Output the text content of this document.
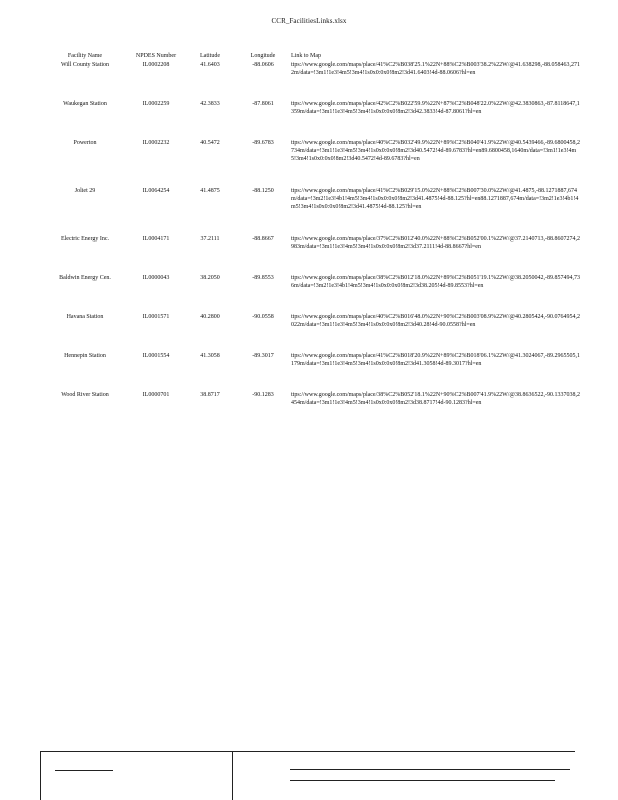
CCR_FacilitiesLinks.xlsx
Facility Name	NPDES Number	Latitude	Longitude	Link to Map
Will County Station	IL0002208	41.6403	-88.0606	ttps://www.google.com/maps/place/41%C2%B038'25.1%22N+88%C2%B003'38.2%22W/@41.638298,-88.058463,2712m/data=!3m1!1e3!4m5!3m4!1s0x0:0x0!8m2!3d41.6403!4d-88.0606?hl=en
Waukegan Station	IL0002259	42.3833	-87.8061	ttps://www.google.com/maps/place/42%C2%B022'59.9%22N+87%C2%B048'22.0%22W/@42.3830863,-87.8118647,1359m/data=!3m1!1e3!4m5!3m4!1s0x0:0x0!8m2!3d42.3833!4d-87.8061?hl=en
Powerton	IL0002232	40.5472	-89.6783	ttps://www.google.com/maps/place/40%C2%B032'49.9%22N+89%C2%B040'41.9%22W/@40.5439466,-89.6800458,2734m/data=!3m1!1e3!4m5!3m4!1s0x0:0x0!8m2!3d40.5472!4d-89.6783?hl=en89.6800458,1640m/data=!3m1!1e3!4m5!3m4!1s0x0:0x0!8m2!3d40.5472!4d-89.6783?hl=en
Joliet 29	IL0064254	41.4875	-88.1250	ttps://www.google.com/maps/place/41%C2%B029'15.0%22N+88%C2%B007'30.0%22W/@41.4875,-88.1271887,674m/data=!3m2!1e3!4b1!4m5!3m4!1s0x0:0x0!8m2!3d41.4875!4d-88.125?hl=en88.1271887,674m/data=!3m2!1e3!4b1!4m5!3m4!1s0x0:0x0!8m2!3d41.4875!4d-88.125?hl=en
Electric Energy Inc.	IL0004171	37.2111	-88.8667	ttps://www.google.com/maps/place/37%C2%B012'40.0%22N+88%C2%B052'00.1%22W/@37.2140713,-88.8607274,2983m/data=!3m1!1e3!4m5!3m4!1s0x0:0x0!8m2!3d37.2111!4d-88.8667?hl=en
Baldwin Energy Cen.	IL0000043	38.2050	-89.8553	ttps://www.google.com/maps/place/38%C2%B012'18.0%22N+89%C2%B051'19.1%22W/@38.2050042,-89.857494,736m/data=!3m2!1e3!4b1!4m5!3m4!1s0x0:0x0!8m2!3d38.205!4d-89.8553?hl=en
Havana Station	IL0001571	40.2800	-90.0558	ttps://www.google.com/maps/place/40%C2%B016'48.0%22N+90%C2%B003'08.9%22W/@40.2805424,-90.0764954,2022m/data=!3m1!1e3!4m5!3m4!1s0x0:0x0!8m2!3d40.28!4d-90.0558?hl=en
Hennepin Station	IL0001554	41.3058	-89.3017	ttps://www.google.com/maps/place/41%C2%B018'20.9%22N+89%C2%B018'06.1%22W/@41.3024067,-89.2965505,1179m/data=!3m1!1e3!4m5!3m4!1s0x0:0x0!8m2!3d41.3058!4d-89.3017?hl=en
Wood River Station	IL0000701	38.8717	-90.1283	ttps://www.google.com/maps/place/38%C2%B052'18.1%22N+90%C2%B007'41.9%22W/@38.8636522,-90.1337038,2454m/data=!3m1!1e3!4m5!3m4!1s0x0:0x0!8m2!3d38.8717!4d-90.1283?hl=en
